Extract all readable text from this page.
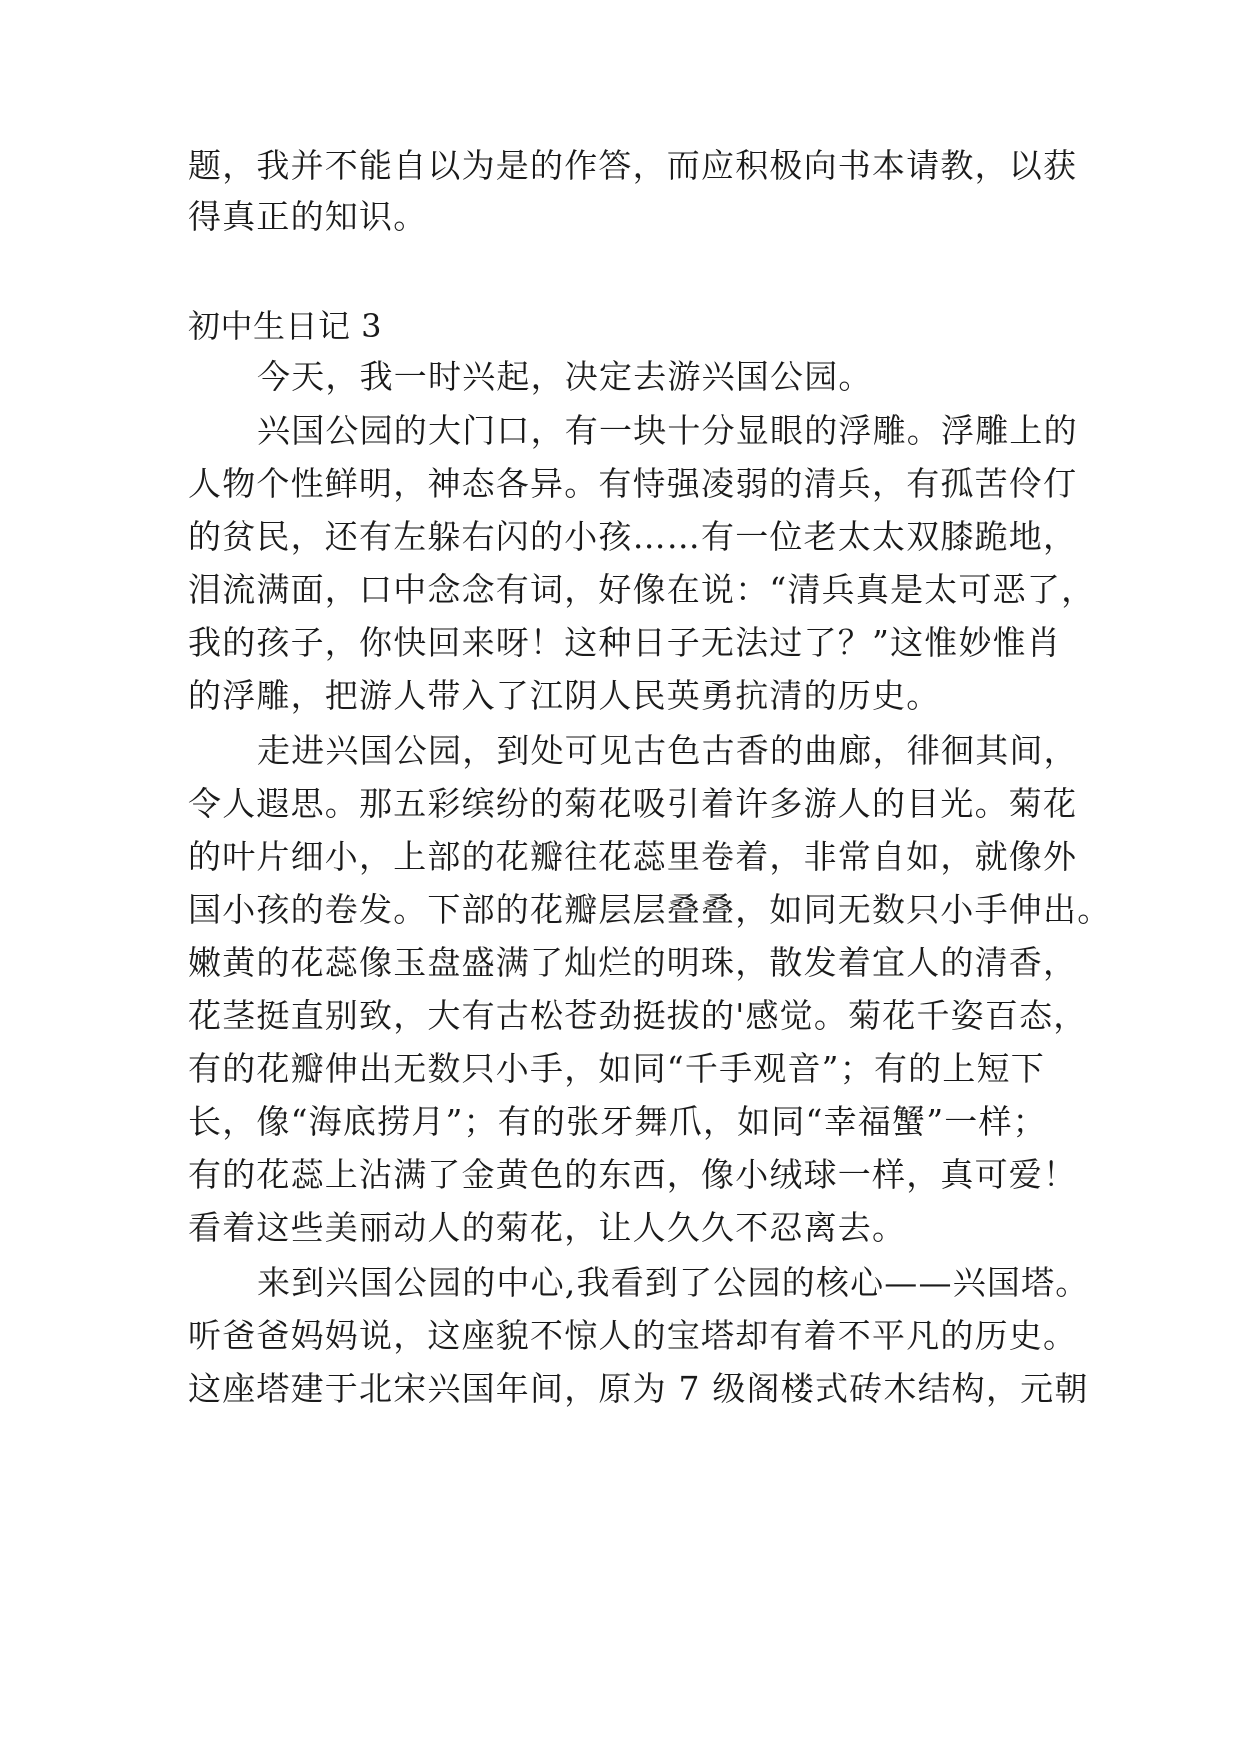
题，我并不能自以为是的作答，而应积极向书本请教，以获
得真正的知识。
初中生日记 3
今天，我一时兴起，决定去游兴国公园。
兴国公园的大门口，有一块十分显眼的浮雕。浮雕上的
人物个性鲜明，神态各异。有恃强凌弱的清兵，有孤苦伶仃
的贫民，还有左躲右闪的小孩……有一位老太太双膝跪地，
泪流满面，口中念念有词，好像在说：“清兵真是太可恶了，
我的孩子，你快回来呀！这种日子无法过了？”这惟妙惟肖
的浮雕，把游人带入了江阴人民英勇抗清的历史。
走进兴国公园，到处可见古色古香的曲廊，徘徊其间，
令人遐思。那五彩缤纷的菊花吸引着许多游人的目光。菊花
的叶片细小，上部的花瓣往花蕊里卷着，非常自如，就像外
国小孩的卷发。下部的花瓣层层叠叠，如同无数只小手伸出。
嫩黄的花蕊像玉盘盛满了灿烂的明珠，散发着宜人的清香，
花茎挺直别致，大有古松苍劲挺拔的'感觉。菊花千姿百态，
有的花瓣伸出无数只小手，如同“千手观音”；有的上短下
长，像“海底捞月”；有的张牙舞爪，如同“幸福蟹”一样；
有的花蕊上沾满了金黄色的东西，像小绒球一样，真可爱！
看着这些美丽动人的菊花，让人久久不忍离去。
来到兴国公园的中心,我看到了公园的核心——兴国塔。
听爸爸妈妈说，这座貌不惊人的宝塔却有着不平凡的历史。
这座塔建于北宋兴国年间，原为 7 级阁楼式砖木结构，元朝
